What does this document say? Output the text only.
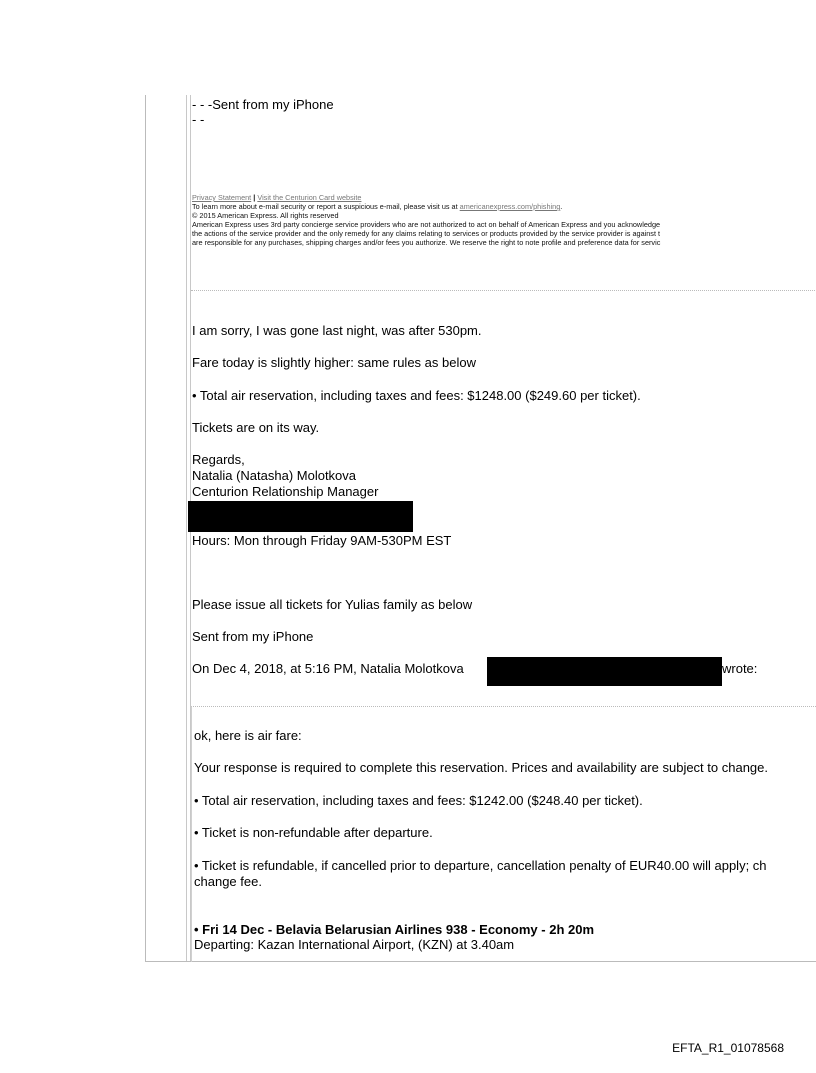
- - -Sent from my iPhone
- -
Privacy Statement | Visit the Centurion Card website
To learn more about e-mail security or report a suspicious e-mail, please visit us at americanexpress.com/phishing.
© 2015 American Express. All rights reserved
American Express uses 3rd party concierge service providers who are not authorized to act on behalf of American Express and you acknowledge
the actions of the service provider and the only remedy for any claims relating to services or products provided by the service provider is against t
are responsible for any purchases, shipping charges and/or fees you authorize. We reserve the right to note profile and preference data for servic
I am sorry, I was gone last night, was after 530pm.
Fare today is slightly higher: same rules as below
• Total air reservation, including taxes and fees: $1248.00 ($249.60 per ticket).
Tickets are on its way.
Regards,
Natalia (Natasha) Molotkova
Centurion Relationship Manager
Hours: Mon through Friday 9AM-530PM EST
Please issue all tickets for Yulias family as below
Sent from my iPhone
On Dec 4, 2018, at 5:16 PM, Natalia Molotkova	wrote:
ok, here is air fare:
Your response is required to complete this reservation. Prices and availability are subject to change.
• Total air reservation, including taxes and fees: $1242.00 ($248.40 per ticket).
• Ticket is non-refundable after departure.
• Ticket is refundable, if cancelled prior to departure, cancellation penalty of EUR40.00 will apply; ch
change fee.
• Fri 14 Dec - Belavia Belarusian Airlines 938 - Economy - 2h 20m
Departing: Kazan International Airport, (KZN) at 3.40am
EFTA_R1_01078568
